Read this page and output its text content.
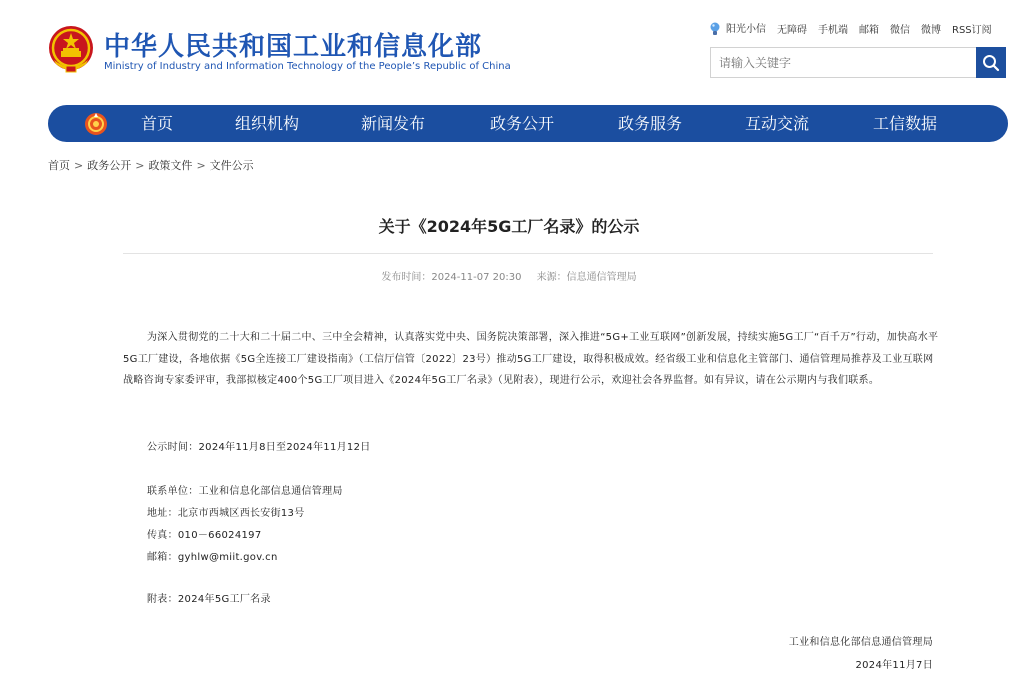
中华人民共和国工业和信息化部
Ministry of Industry and Information Technology of the People’s Republic of China
阳光小信 无障碍 手机端 邮箱 微信 微博 RSS订阅
请输入关键字
首页	组织机构	新闻发布	政务公开	政务服务	互动交流	工信数据
首页 > 政务公开 > 政策文件 > 文件公示
关于《2024年5G工厂名录》的公示
发布时间：2024-11-07 20:30 来源：信息通信管理局
为深入贯彻党的二十大和二十届二中、三中全会精神，认真落实党中央、国务院决策部署，深入推进“5G+工业互联网”创新发展，持续实施5G工厂“百千万”行动，加快高水平5G工厂建设，各地依据《5G全连接工厂建设指南》（工信厅信管〔2022〕23号）推动5G工厂建设，取得积极成效。经省级工业和信息化主管部门、通信管理局推荐及工业互联网战略咨询专家委评审，我部拟核定400个5G工厂项目进入《2024年5G工厂名录》（见附表），现进行公示，欢迎社会各界监督。如有异议，请在公示期内与我们联系。
公示时间：2024年11月8日至2024年11月12日
联系单位：工业和信息化部信息通信管理局
地址：北京市西城区西长安街13号
传真：010－66024197
邮箱：gyhlw@miit.gov.cn
附表：2024年5G工厂名录
工业和信息化部信息通信管理局
2024年11月7日
